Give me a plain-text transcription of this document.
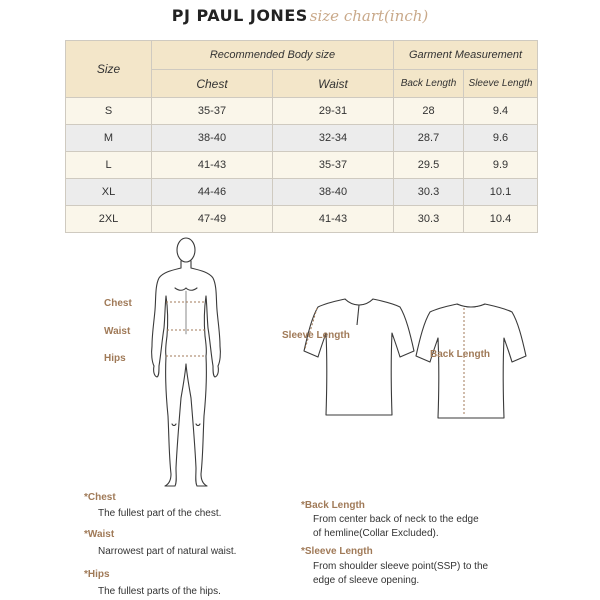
PJ PAUL JONES size chart(inch)
Size	Recommended Body size		Garment Measurement	
	Chest	Waist	Back Length	Sleeve Length
S	35-37	29-31	28	9.4
M	38-40	32-34	28.7	9.6
L	41-43	35-37	29.5	9.9
XL	44-46	38-40	30.3	10.1
2XL	47-49	41-43	30.3	10.4
Chest
Waist
Hips
Sleeve Length
Back Length
*Chest
The fullest part of the chest.
*Waist
Narrowest part of natural waist.
*Hips
The fullest parts of the hips.
*Back Length
From center back of neck to the edge
of hemline(Collar Excluded).
*Sleeve Length
From shoulder sleeve point(SSP) to the
edge of sleeve opening.
